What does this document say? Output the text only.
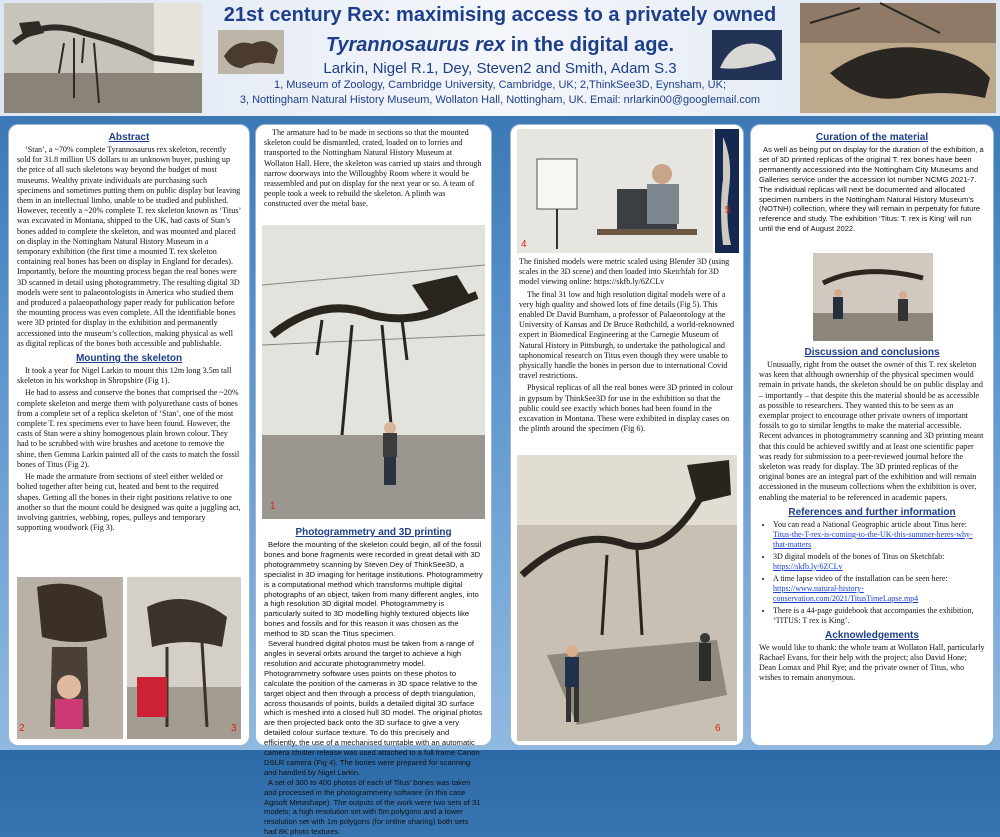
21st century Rex: maximising access to a privately owned
Tyrannosaurus rex in the digital age.
Larkin, Nigel R.1, Dey, Steven2 and Smith, Adam S.3
1, Museum of Zoology, Cambridge University, Cambridge, UK; 2,ThinkSee3D, Eynsham, UK;
3, Nottingham Natural History Museum, Wollaton Hall, Nottingham, UK. Email: nrlarkin00@googlemail.com
Abstract

‘Stan’, a ~70% complete Tyrannosaurus rex skeleton, recently sold for 31.8 million US dollars to an unknown buyer, pushing up the price of all such skeletons way beyond the budget of most museums. Wealthy private individuals are purchasing such specimens and sometimes putting them on public display but leaving them in an intellectual limbo, unable to be studied and published. However, recently a ~20% complete T. rex skeleton known as ‘Titus’ was excavated in Montana, shipped to the UK, had casts of Stan’s bones added to complete the skeleton, and was mounted and placed on display in the Nottingham Natural History Museum in a temporary exhibition (the first time a mounted T. rex skeleton containing real bones has been on display in England for decades). Importantly, before the mounting process began the real bones were 3D scanned in detail using photogrammetry. The resulting digital 3D models were sent to palaeontologists in America who studied them and produced a palaeopathology paper ready for publication before the mounting process was even complete. All the identifiable bones were 3D printed for display in the exhibition and permanently accessioned into the museum’s collection, making physical as well as digital replicas of the bones both accessible and publishable.

Mounting the skeleton

It took a year for Nigel Larkin to mount this 12m long 3.5m tall skeleton in his workshop in Shropshire (Fig 1).

He had to assess and conserve the bones that comprised the ~20% complete skeleton and merge them with polyurethane casts of bones from a complete set of a replica skeleton of ‘Stan’, one of the most complete T. rex specimens ever to have been found. However, the casts of Stan were a shiny homogenous plain brown colour. They had to be scrubbed with wire brushes and acetone to remove the shine, then Gemma Larkin painted all of the casts to match the fossil bones of Titus (Fig 2).

He made the armature from sections of steel either welded or bolted together after being cut, heated and bent to the required shapes. Getting all the bones in their right positions relative to one another so that the mount could be designed was quite a juggling act, involving gantries, webbing, ropes, pulleys and temporary supporting woodwork (Fig 3).

2	3

The armature had to be made in sections so that the mounted skeleton could be dismantled, crated, loaded on to lorries and transported to the Nottingham Natural History Museum at Wollaton Hall. Here, the skeleton was carried up stairs and through narrow doorways into the Willoughby Room where it would be reassembled and put on display for the next year or so. A team of people took a week to rebuild the skeleton. A plinth was constructed over the metal base.

1
Photogrammetry and 3D printing

Before the mounting of the skeleton could begin, all of the fossil bones and bone fragments were recorded in great detail with 3D photogrammetry scanning by Steven Dey of ThinkSee3D, a specialist in 3D imaging for heritage institutions. Photogrammetry is a computational method which transforms multiple digital photographs of an object, taken from many different angles, into a high resolution 3D digital model. Photogrammetry is particularly suited to 3D modelling highly textured objects like bones and fossils and for this reason it was chosen as the method to 3D scan the Titus specimen.

Several hundred digital photos must be taken from a range of angles in several orbits around the target to achieve a high resolution and accurate photogrammetry model. Photogrammetry software uses points on these photos to calculate the position of the cameras in 3D space relative to the target object and then through a process of depth triangulation, across thousands of points, builds a detailed digital 3D surface which is meshed into a closed hull 3D model. The original photos are then projected back onto the 3D surface to give a very detailed colour surface texture. To do this precisely and efficiently, the use of a mechanised turntable with an automatic camera shutter release was used attached to a full frame Canon DSLR camera (Fig 4). The bones were prepared for scanning and handled by Nigel Larkin.

A set of 300 to 400 photos of each of Titus’ bones was taken and processed in the photogrammetry software (in this case Agisoft Metashape). The outputs of the work were two sets of 31 models; a high resolution set with 5m polygons and a lower resolution set with 1m polygons (for online sharing) both sets had 8K photo textures.

4
5

The finished models were metric scaled using Blender 3D (using scales in the 3D scene) and then loaded into Sketchfab for 3D model viewing online: https://skfb.ly/6ZCLv

The final 31 low and high resolution digital models were of a very high quality and showed lots of fine details (Fig 5). This enabled Dr David Burnham, a professor of Palaeontology at the University of Kansas and Dr Bruce Rothchild, a world-reknowned expert in Biomedical Engineering at the Carnegie Museum of Natural History in Pittsburgh, to undertake the pathological and taphonomical research on Titus even though they were unable to physically handle the bones in person due to international Covid travel restrictions.

Physical replicas of all the real bones were 3D printed in colour in gypsum by ThinkSee3D for use in the exhibition so that the public could see exactly which bones had been found in the excavation in Montana. These were exhibited in display cases on the plinth around the specimen (Fig 6).

6
Curation of the material

As well as being put on display for the duration of the exhibition, a set of 3D printed replicas of the original T. rex bones have been permanently accessioned into the Nottingham City Museums and Galleries service under the accession lot number NCMG 2021-7. The individual replicas will next be documented and allocated specimen numbers in the Nottingham Natural History Museum’s (NOTNH) collection, where they will remain in perpetuity for future reference and study. The exhibition ‘Titus: T. rex is King’ will run until the end of August 2022.

Discussion and conclusions

Unusually, right from the outset the owner of this T. rex skeleton was keen that although ownership of the physical specimen would remain in private hands, the skeleton should be on public display and – importantly – that despite this the material should be as accessible as possible to researchers. They wanted this to be seen as an exemplar project to encourage other private owners of important fossils to go to similar lengths to make the material accessible. Recent advances in photogrammetry scanning and 3D printing meant that this could be achieved swiftly and at least one scientific paper was ready for submission to a peer-reviewed journal before the skeleton was ready for display. The 3D printed replicas of the original bones are an integral part of the exhibition and will remain accessioned in the museum collections when the exhibition is over, enabling the material to be referenced in academic papers.

References and further information
• You can read a National Geographic article about Titus here: Titus-the-T-rex-is-coming-to-the-UK-this-summer-heres-why-that-matters
• 3D digital models of the bones of Titus on Sketchfab: https://skfb.ly/6ZCLv
• A time lapse video of the installation can be seen here: https://www.natural-history-conservation.com/2021/TitusTimeLapse.mp4
• There is a 44-page guidebook that accompanies the exhibition, ‘TITUS: T rex is King’.
Acknowledgements

We would like to thank: the whole team at Wollaton Hall, particularly Rachael Evans, for their help with the project; also David Hone; Dean Lomax and Phil Rye; and the private owner of Titus, who wishes to remain anonymous.
